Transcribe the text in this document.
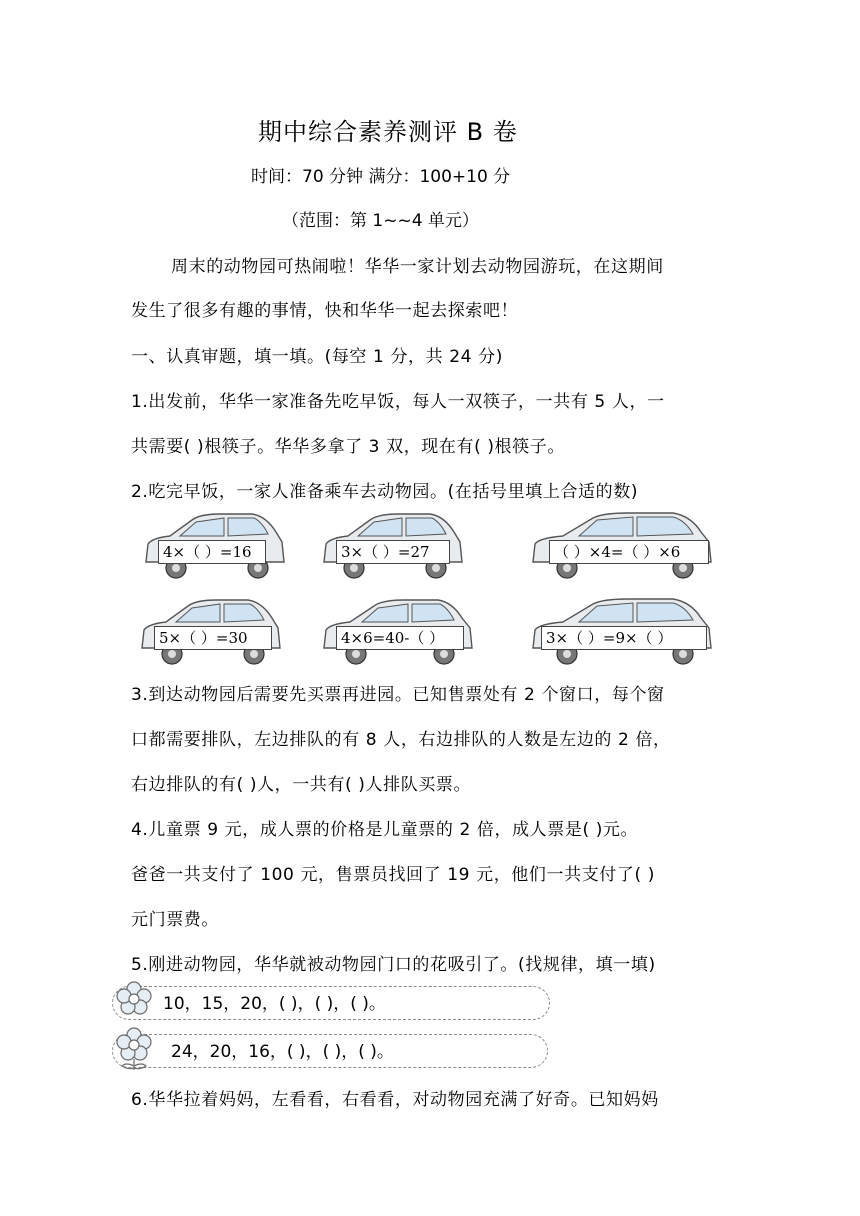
期中综合素养测评 B 卷
时间：70 分钟 满分：100+10 分
（范围：第 1~~4 单元）
周末的动物园可热闹啦！华华一家计划去动物园游玩，在这期间
发生了很多有趣的事情，快和华华一起去探索吧！
一、认真审题，填一填。(每空 1 分，共 24 分)
1.出发前，华华一家准备先吃早饭，每人一双筷子，一共有 5 人，一
共需要( )根筷子。华华多拿了 3 双，现在有( )根筷子。
2.吃完早饭，一家人准备乘车去动物园。(在括号里填上合适的数)
4×（ ）=16	3×（ ）=27	（ ）×4=（ ）×6
5×（ ）=30	4×6=40-（ ）	3×（ ）=9×（ ）
3.到达动物园后需要先买票再进园。已知售票处有 2 个窗口，每个窗
口都需要排队，左边排队的有 8 人，右边排队的人数是左边的 2 倍，
右边排队的有( )人，一共有( )人排队买票。
4.儿童票 9 元，成人票的价格是儿童票的 2 倍，成人票是( )元。
爸爸一共支付了 100 元，售票员找回了 19 元，他们一共支付了( )
元门票费。
5.刚进动物园，华华就被动物园门口的花吸引了。(找规律，填一填)
10，15，20，( )，( )，( )。
24，20，16，( )，( )，( )。
6.华华拉着妈妈，左看看，右看看，对动物园充满了好奇。已知妈妈
